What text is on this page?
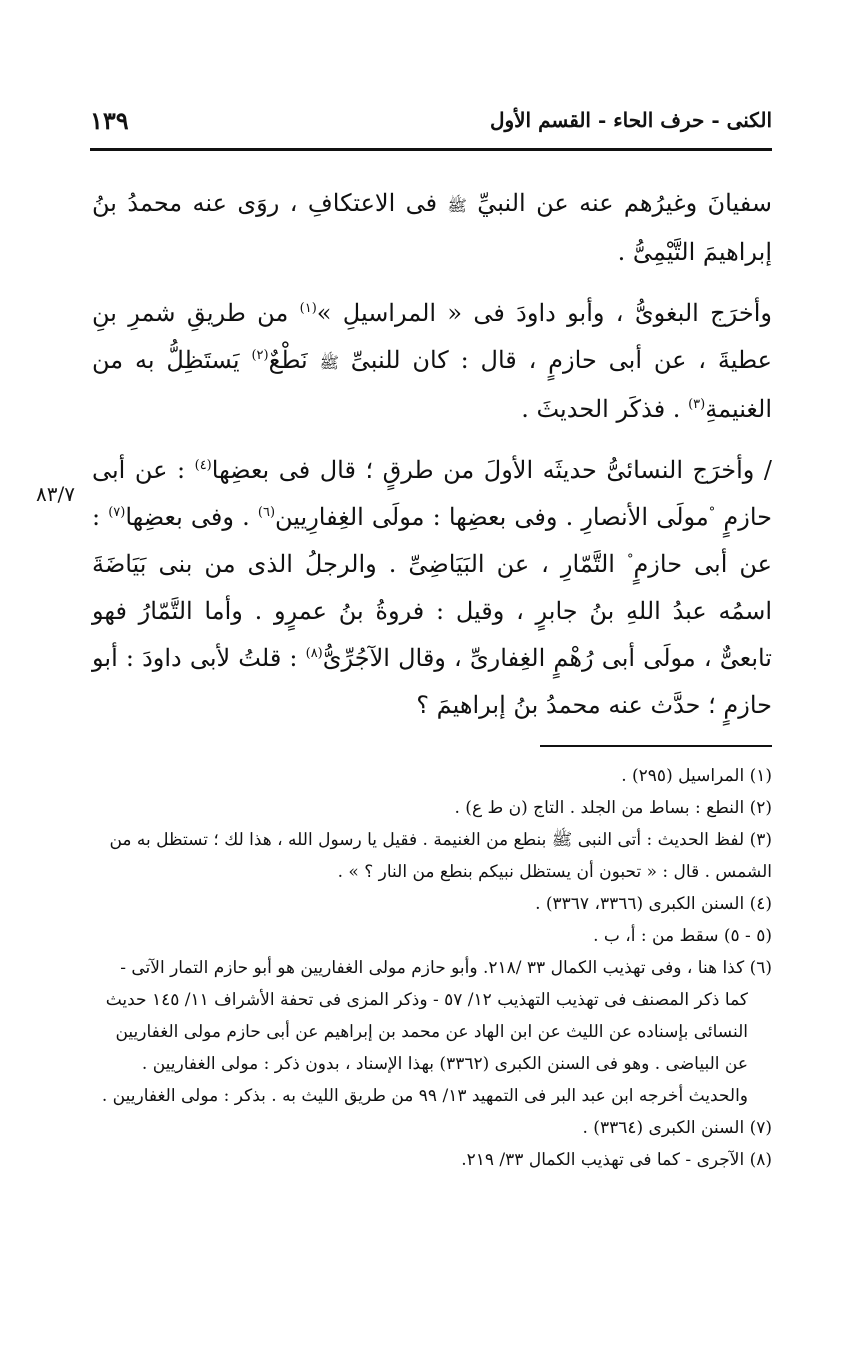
الكنى - حرف الحاء - القسم الأول
١٣٩
٨٣/٧

سفيانَ وغيرُهم عنه عن النبيِّ ﷺ فى الاعتكافِ ، روَى عنه محمدُ بنُ إبراهيمَ التَّيْمِىُّ .

وأخرَج البغوىُّ ، وأبو داودَ فى « المراسيلِ »$^{(١)}$ من طريقِ شمرِ بنِ عطيةَ ، عن أبى حازمٍ ، قال : كان للنبىِّ ﷺ نَطْعٌ$^{(٢)}$ يَستَظِلُّ به من الغنيمةِ$^{(٣)}$ . فذكَر الحديثَ .

/ وأخرَج النسائىُّ حديثَه الأولَ من طرقٍ ؛ قال فى بعضِها$^{(٤)}$ : عن أبى حازمٍ °مولَى الأنصارِ . وفى بعضِها : مولَى الغِفارِيين$^{(٦)}$ . وفى بعضِها$^{(٧)}$ : عن أبى حازمٍ° التَّمّارِ ، عن البَيَاضِىِّ . والرجلُ الذى من بنى بَيَاضَةَ اسمُه عبدُ اللهِ بنُ جابرٍ ، وقيل : فروةُ بنُ عمرٍو . وأما التَّمّارُ فهو تابعىٌّ ، مولَى أبى رُهْمٍ الغِفارىِّ ، وقال الآجُرِّىُّ$^{(٨)}$ : قلتُ لأبى داودَ : أبو حازمٍ ؛ حدَّث عنه محمدُ بنُ إبراهيمَ ؟

(١) المراسيل (٢٩٥) .

(٢) النطع : بساط من الجلد . التاج (ن ط ع) .

(٣) لفظ الحديث : أتى النبى ﷺ بنطع من الغنيمة . فقيل يا رسول الله ، هذا لك ؛ تستظل به من الشمس . قال : « تحبون أن يستظل نبيكم بنطع من النار ؟ » .

(٤) السنن الكبرى (٣٣٦٦، ٣٣٦٧) .

(٥ - ٥) سقط من : أ، ب .

(٦) كذا هنا ، وفى تهذيب الكمال ٣٣ /٢١٨. وأبو حازم مولى الغفاريين هو أبو حازم التمار الآتى -
كما ذكر المصنف فى تهذيب التهذيب ١٢/ ٥٧ - وذكر المزى فى تحفة الأشراف ١١/ ١٤٥ حديث النسائى بإسناده عن الليث عن ابن الهاد عن محمد بن إبراهيم عن أبى حازم مولى الغفاريين عن البياضى . وهو فى السنن الكبرى (٣٣٦٢) بهذا الإسناد ، بدون ذكر : مولى الغفاريين . والحديث أخرجه ابن عبد البر فى التمهيد ١٣/ ٩٩ من طريق الليث به . بذكر : مولى الغفاريين .

(٧) السنن الكبرى (٣٣٦٤) .

(٨) الآجرى - كما فى تهذيب الكمال ٣٣/ ٢١٩.
